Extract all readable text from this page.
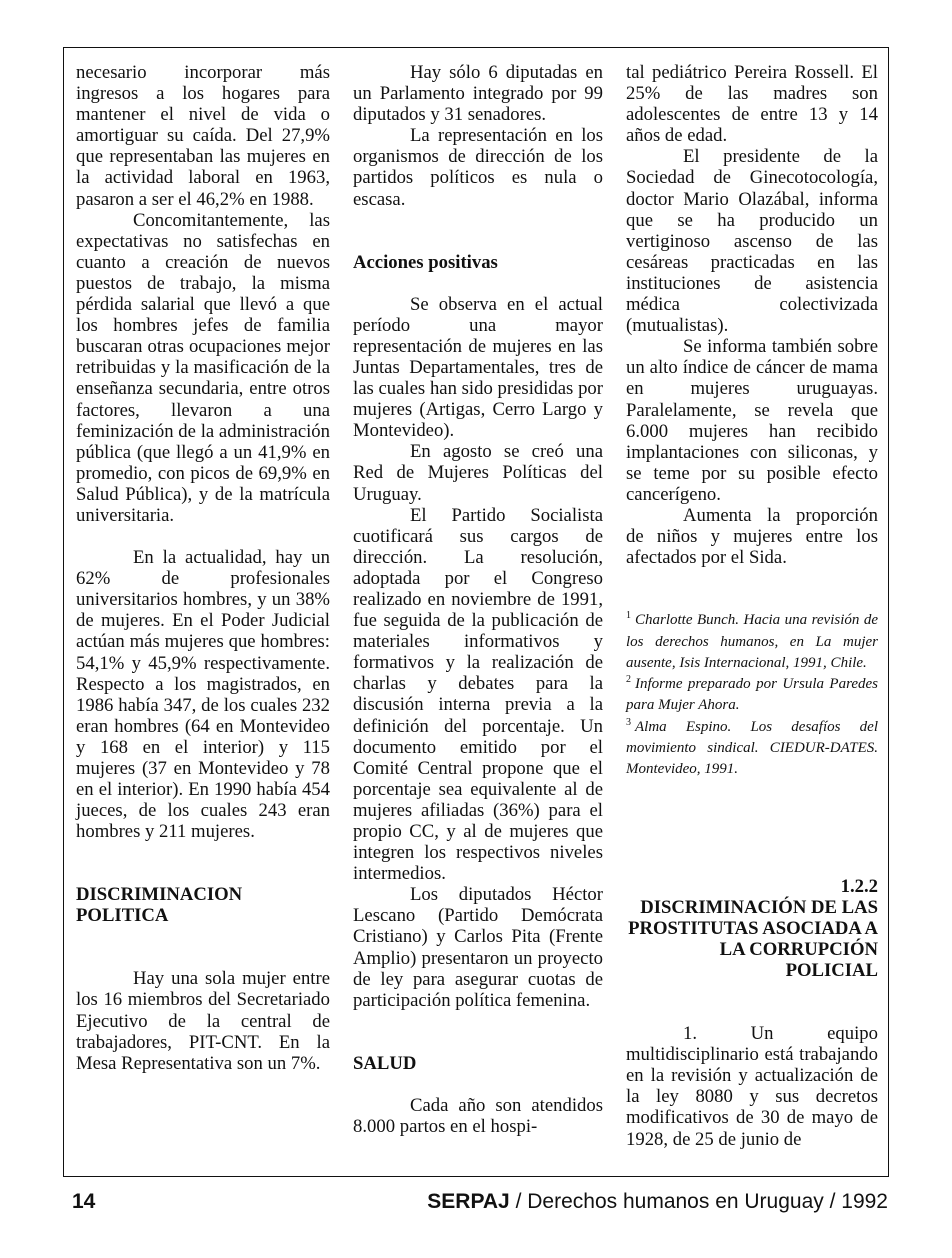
necesario incorporar más ingresos a los hogares para mantener el nivel de vida o amortiguar su caída. Del 27,9% que representaban las mujeres en la actividad laboral en 1963, pasaron a ser el 46,2% en 1988.

Concomitantemente, las expectativas no satisfechas en cuanto a creación de nuevos puestos de trabajo, la misma pérdida salarial que llevó a que los hombres jefes de familia buscaran otras ocupaciones mejor retribuidas y la masificación de la enseñanza secundaria, entre otros factores, llevaron a una feminización de la administración pública (que llegó a un 41,9% en promedio, con picos de 69,9% en Salud Pública), y de la matrícula universitaria.

En la actualidad, hay un 62% de profesionales universitarios hombres, y un 38% de mujeres. En el Poder Judicial actúan más mujeres que hombres: 54,1% y 45,9% respectivamente. Respecto a los magistrados, en 1986 había 347, de los cuales 232 eran hombres (64 en Montevideo y 168 en el interior) y 115 mujeres (37 en Montevideo y 78 en el interior). En 1990 había 454 jueces, de los cuales 243 eran hombres y 211 mujeres.

DISCRIMINACION POLITICA

Hay una sola mujer entre los 16 miembros del Secretariado Ejecutivo de la central de trabajadores, PIT-CNT. En la Mesa Representativa son un 7%.

Hay sólo 6 diputadas en un Parlamento integrado por 99 diputados y 31 senadores.

La representación en los organismos de dirección de los partidos políticos es nula o escasa.

Acciones positivas

Se observa en el actual período una mayor representación de mujeres en las Juntas Departamentales, tres de las cuales han sido presididas por mujeres (Artigas, Cerro Largo y Montevideo).

En agosto se creó una Red de Mujeres Políticas del Uruguay.

El Partido Socialista cuotificará sus cargos de dirección. La resolución, adoptada por el Congreso realizado en noviembre de 1991, fue seguida de la publicación de materiales informativos y formativos y la realización de charlas y debates para la discusión interna previa a la definición del porcentaje. Un documento emitido por el Comité Central propone que el porcentaje sea equivalente al de mujeres afiliadas (36%) para el propio CC, y al de mujeres que integren los respectivos niveles intermedios.

Los diputados Héctor Lescano (Partido Demócrata Cristiano) y Carlos Pita (Frente Amplio) presentaron un proyecto de ley para asegurar cuotas de participación política femenina.

SALUD

Cada año son atendidos 8.000 partos en el hospi-

tal pediátrico Pereira Rossell. El 25% de las madres son adolescentes de entre 13 y 14 años de edad.

El presidente de la Sociedad de Ginecotocología, doctor Mario Olazábal, informa que se ha producido un vertiginoso ascenso de las cesáreas practicadas en las instituciones de asistencia médica colectivizada (mutualistas).

Se informa también sobre un alto índice de cáncer de mama en mujeres uruguayas. Paralelamente, se revela que 6.000 mujeres han recibido implantaciones con siliconas, y se teme por su posible efecto cancerígeno.

Aumenta la proporción de niños y mujeres entre los afectados por el Sida.

$^1$ Charlotte Bunch. Hacia una revisión de los derechos humanos, en La mujer ausente, Isis Internacional, 1991, Chile.

$^2$ Informe preparado por Ursula Paredes para Mujer Ahora.

$^3$ Alma Espino. Los desafíos del movimiento sindical. CIEDUR-DATES. Montevideo, 1991.

1.2.2

DISCRIMINACIÓN DE LAS PROSTITUTAS ASOCIADA A LA CORRUPCIÓN POLICIAL

1. Un equipo multidisciplinario está trabajando en la revisión y actualización de la ley 8080 y sus decretos modificativos de 30 de mayo de 1928, de 25 de junio de

14	SERPAJ / Derechos humanos en Uruguay / 1992
